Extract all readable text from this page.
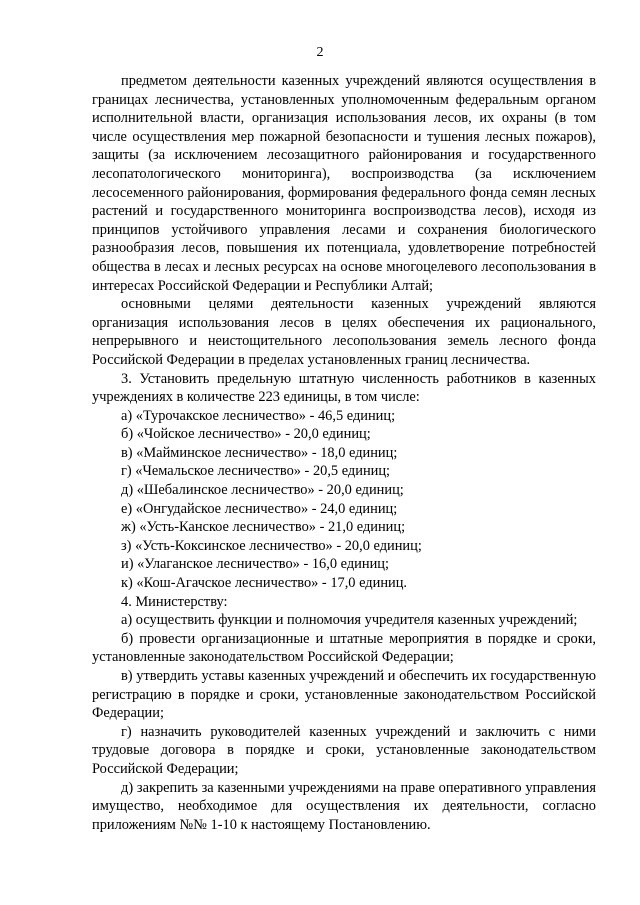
2

предметом деятельности казенных учреждений являются осуществления в границах лесничества, установленных уполномоченным федеральным органом исполнительной власти, организация использования лесов, их охраны (в том числе осуществления мер пожарной безопасности и тушения лесных пожаров), защиты (за исключением лесозащитного районирования и государственного лесопатологического мониторинга), воспроизводства (за исключением лесосеменного районирования, формирования федерального фонда семян лесных растений и государственного мониторинга воспроизводства лесов), исходя из принципов устойчивого управления лесами и сохранения биологического разнообразия лесов, повышения их потенциала, удовлетворение потребностей общества в лесах и лесных ресурсах на основе многоцелевого лесопользования в интересах Российской Федерации и Республики Алтай;

основными целями деятельности казенных учреждений являются организация использования лесов в целях обеспечения их рационального, непрерывного и неистощительного лесопользования земель лесного фонда Российской Федерации в пределах установленных границ лесничества.

3. Установить предельную штатную численность работников в казенных учреждениях в количестве 223 единицы, в том числе:

а) «Турочакское лесничество» - 46,5 единиц;

б) «Чойское лесничество» - 20,0 единиц;

в) «Майминское лесничество» - 18,0 единиц;

г) «Чемальское лесничество» - 20,5 единиц;

д) «Шебалинское лесничество» - 20,0 единиц;

е) «Онгудайское лесничество» - 24,0 единиц;

ж) «Усть-Канское лесничество» - 21,0 единиц;

з) «Усть-Коксинское лесничество» - 20,0 единиц;

и) «Улаганское лесничество» - 16,0 единиц;

к) «Кош-Агачское лесничество» - 17,0 единиц.

4. Министерству:

а) осуществить функции и полномочия учредителя казенных учреждений;

б) провести организационные и штатные мероприятия в порядке и сроки, установленные законодательством Российской Федерации;

в) утвердить уставы казенных учреждений и обеспечить их государственную регистрацию в порядке и сроки, установленные законодательством Российской Федерации;

г) назначить руководителей казенных учреждений и заключить с ними трудовые договора в порядке и сроки, установленные законодательством Российской Федерации;

д) закрепить за казенными учреждениями на праве оперативного управления имущество, необходимое для осуществления их деятельности, согласно приложениям №№ 1-10 к настоящему Постановлению.
